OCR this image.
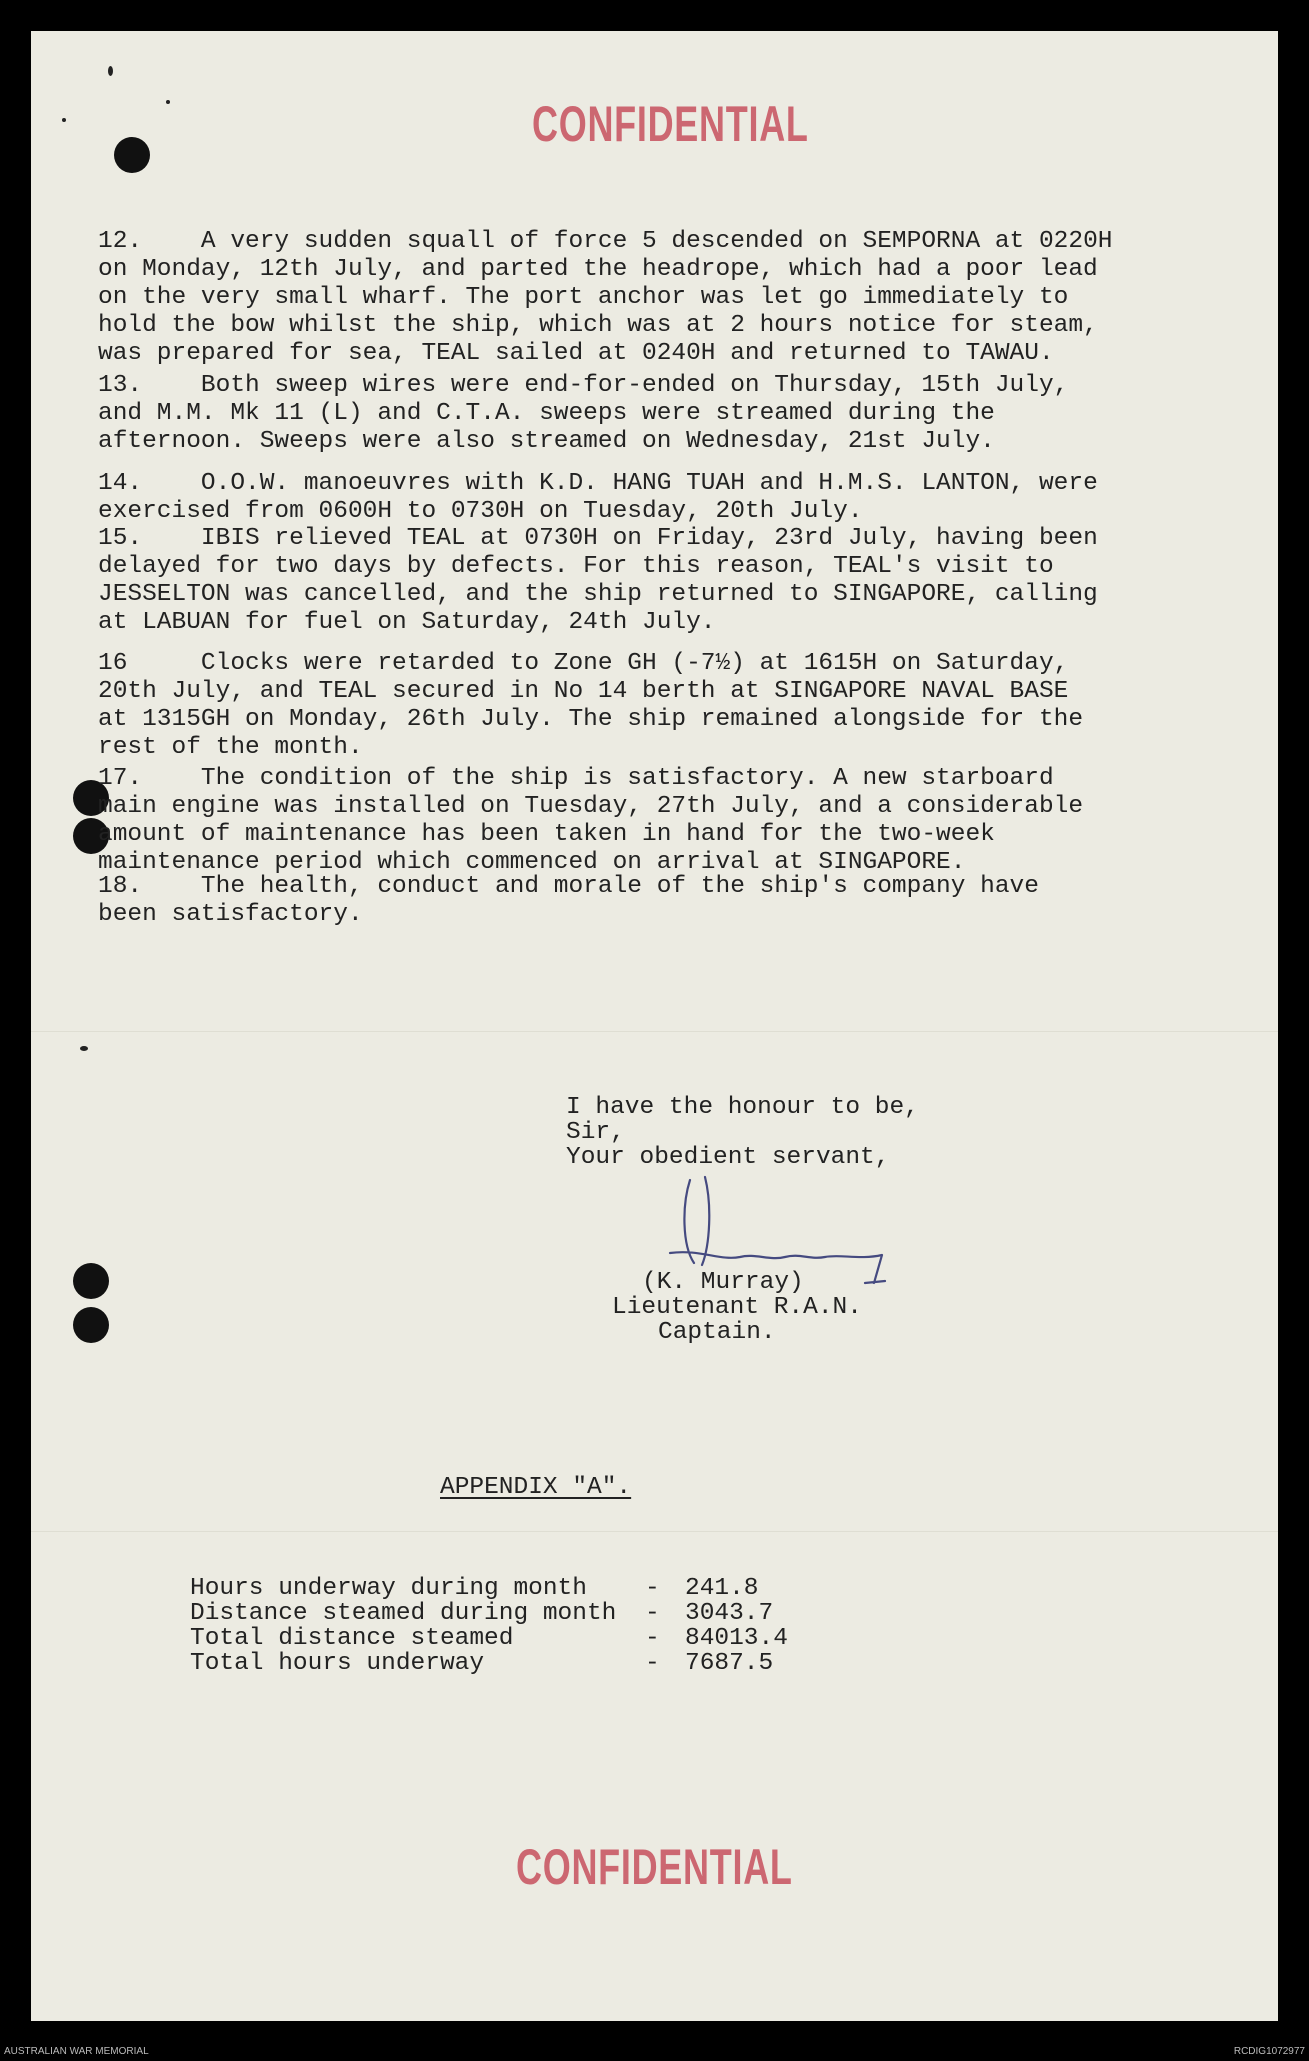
CONFIDENTIAL
12.    A very sudden squall of force 5 descended on SEMPORNA at 0220H
on Monday, 12th July, and parted the headrope, which had a poor lead
on the very small wharf. The port anchor was let go immediately to
hold the bow whilst the ship, which was at 2 hours notice for steam,
was prepared for sea, TEAL sailed at 0240H and returned to TAWAU.
13.    Both sweep wires were end-for-ended on Thursday, 15th July,
and M.M. Mk 11 (L) and C.T.A. sweeps were streamed during the
afternoon. Sweeps were also streamed on Wednesday, 21st July.
14.    O.O.W. manoeuvres with K.D. HANG TUAH and H.M.S. LANTON, were
exercised from 0600H to 0730H on Tuesday, 20th July.
15.    IBIS relieved TEAL at 0730H on Friday, 23rd July, having been
delayed for two days by defects. For this reason, TEAL's visit to
JESSELTON was cancelled, and the ship returned to SINGAPORE, calling
at LABUAN for fuel on Saturday, 24th July.
16	Clocks were retarded to Zone GH (-7½) at 1615H on Saturday,
20th July, and TEAL secured in No 14 berth at SINGAPORE NAVAL BASE
at 1315GH on Monday, 26th July. The ship remained alongside for the
rest of the month.
17.    The condition of the ship is satisfactory. A new starboard
main engine was installed on Tuesday, 27th July, and a considerable
amount of maintenance has been taken in hand for the two-week
maintenance period which commenced on arrival at SINGAPORE.
18.    The health, conduct and morale of the ship's company have
been satisfactory.
I have the honour to be,
Sir,
Your obedient servant,
(K. Murray)
Lieutenant R.A.N.
Captain.
APPENDIX "A".
Hours underway during month - 241.8
Distance steamed during month - 3043.7
Total distance steamed	- 84013.4
Total hours underway	- 7687.5
CONFIDENTIAL
AUSTRALIAN WAR MEMORIAL	RCDIG1072977
